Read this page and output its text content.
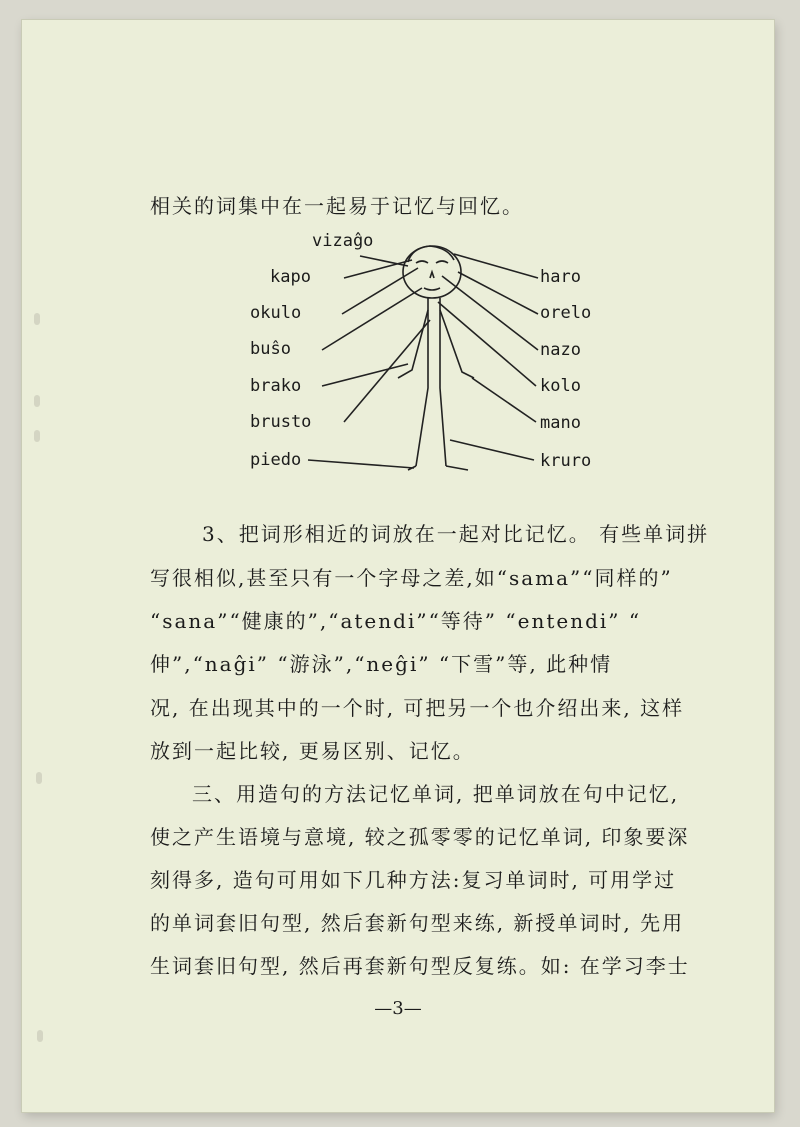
相关的词集中在一起易于记忆与回忆。
vizaĝo
kapo
okulo
buŝo
brako
brusto
piedo
haro
orelo
nazo
kolo
mano
kruro
3、把词形相近的词放在一起对比记忆。 有些单词拼
写很相似,甚至只有一个字母之差,如“sama”“同样的”
“sana”“健康的”,“atendi”“等待” “entendi” “
伸”,“naĝi” “游泳”,“neĝi” “下雪”等, 此种情
况, 在出现其中的一个时, 可把另一个也介绍出来, 这样
放到一起比较, 更易区别、记忆。
三、用造句的方法记忆单词, 把单词放在句中记忆,
使之产生语境与意境, 较之孤零零的记忆单词, 印象要深
刻得多, 造句可用如下几种方法:复习单词时, 可用学过
的单词套旧句型, 然后套新句型来练, 新授单词时, 先用
生词套旧句型, 然后再套新句型反复练。如: 在学习李士
—3—
